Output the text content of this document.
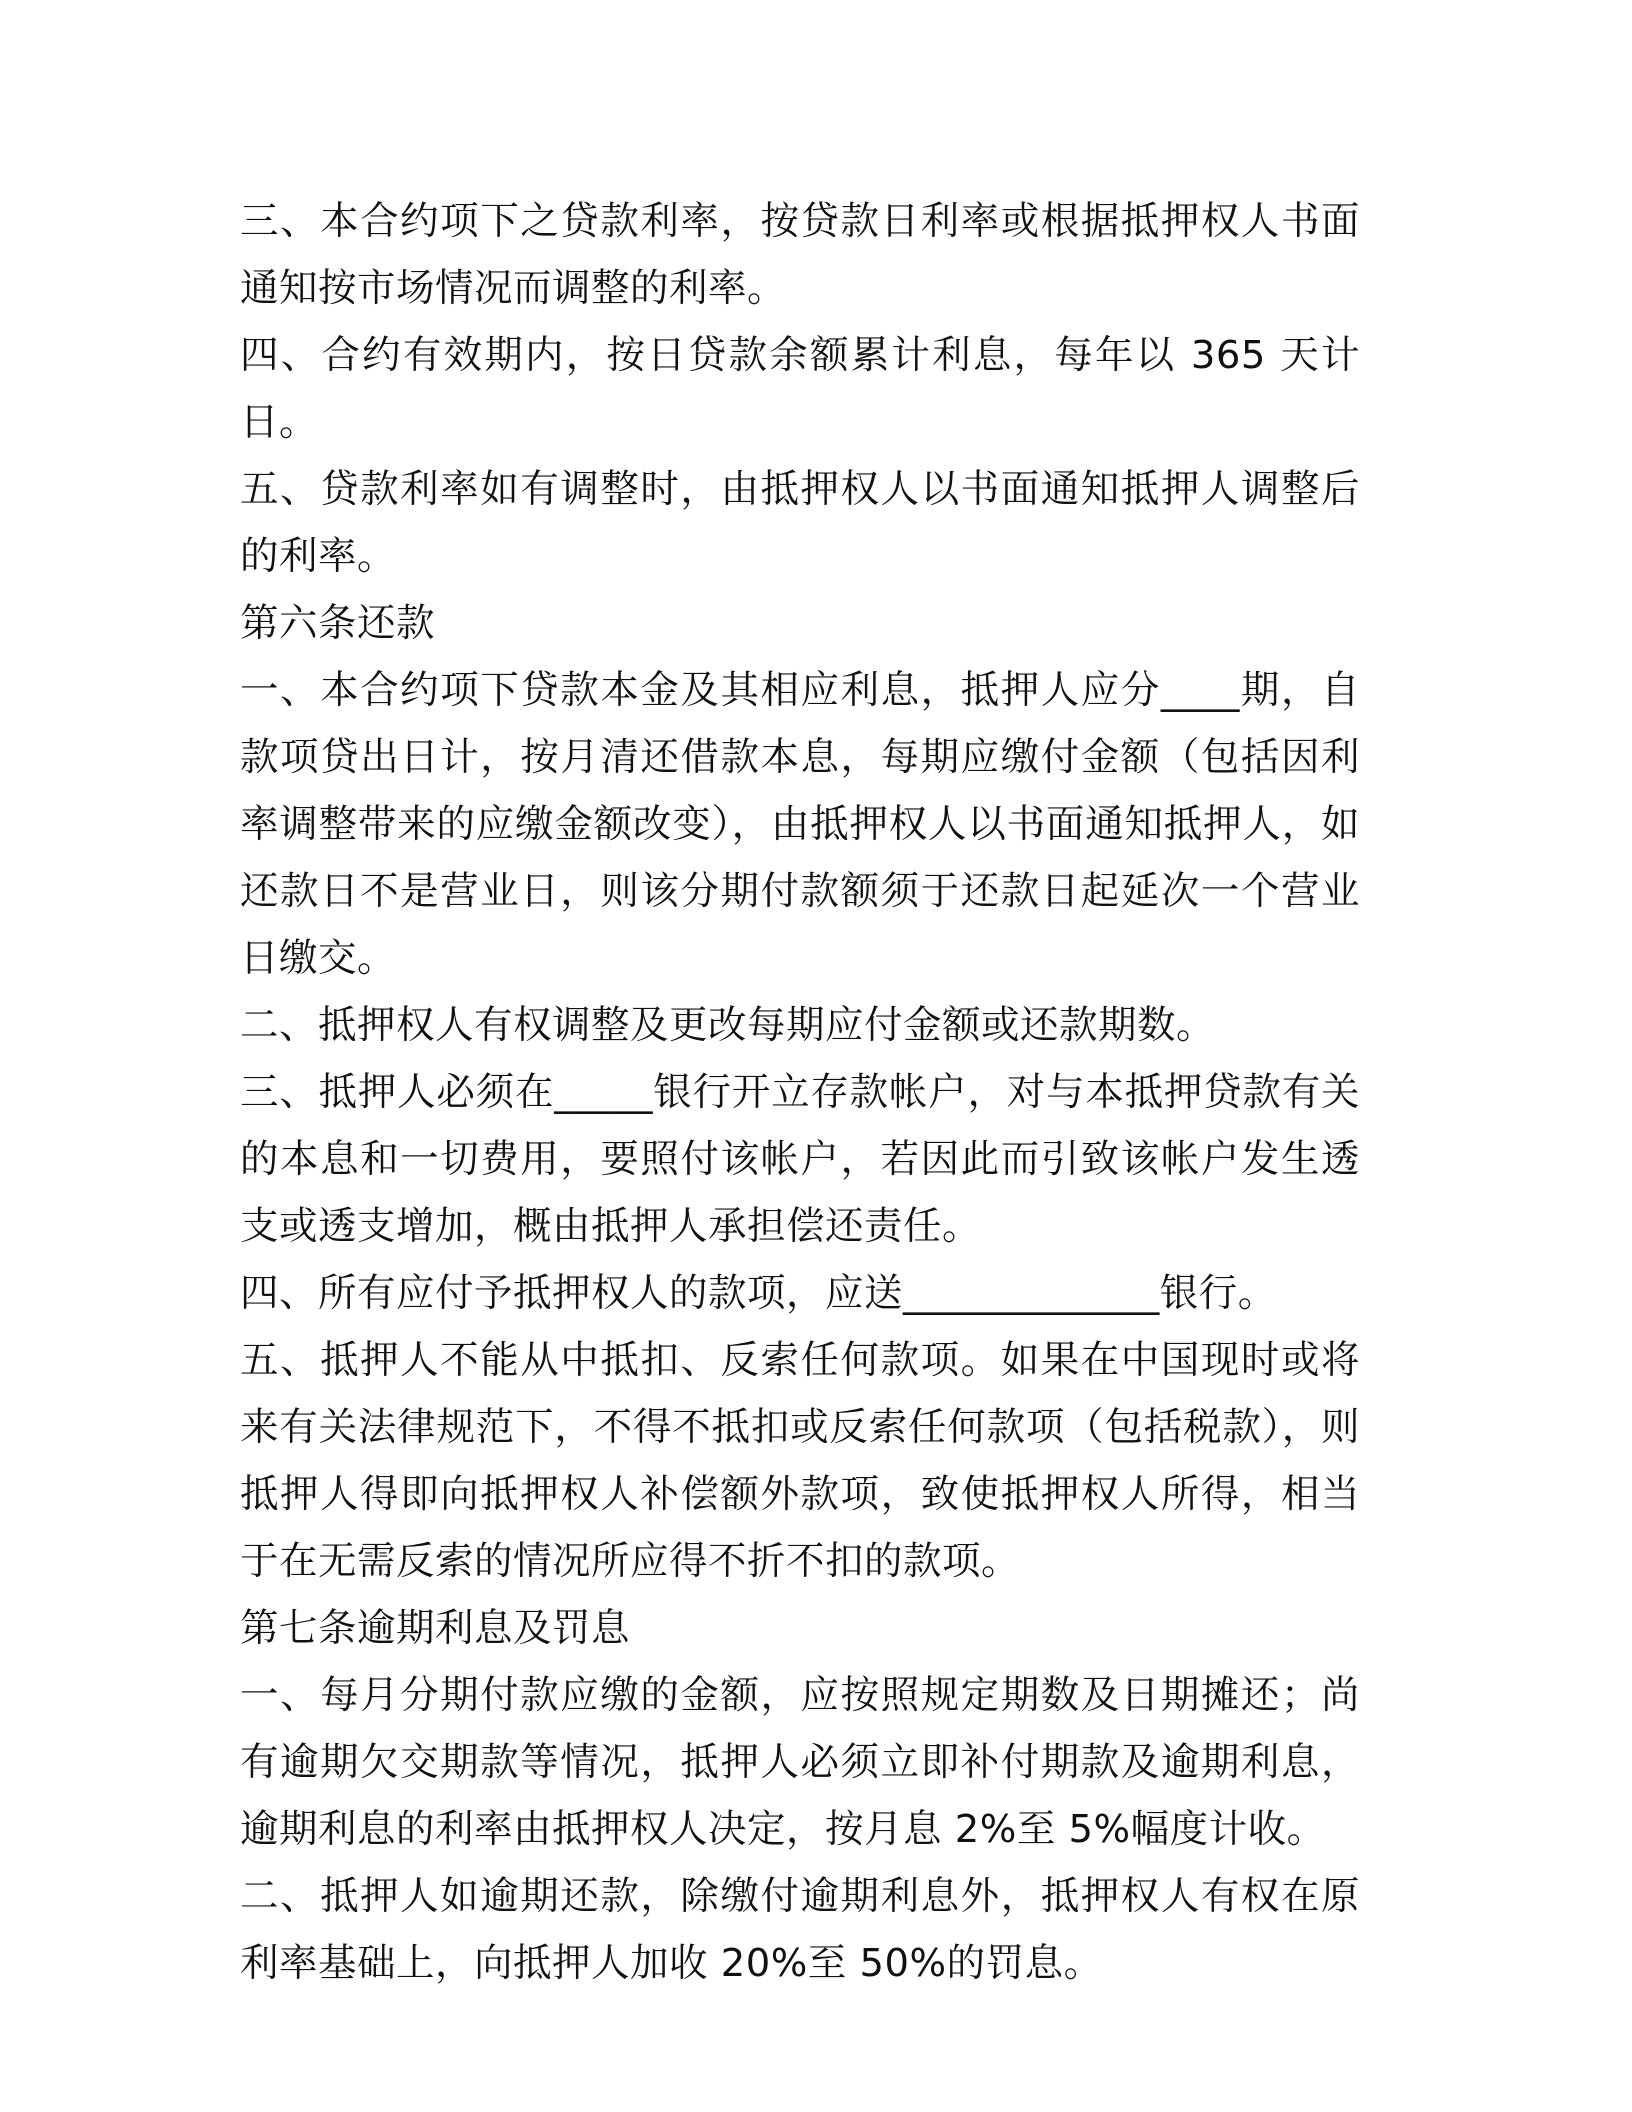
三、本合约项下之贷款利率，按贷款日利率或根据抵押权人书面通知按市场情况而调整的利率。

四、合约有效期内，按日贷款余额累计利息，每年以 365 天计日。

五、贷款利率如有调整时，由抵押权人以书面通知抵押人调整后的利率。

第六条还款

一、本合约项下贷款本金及其相应利息，抵押人应分____期，自款项贷出日计，按月清还借款本息，每期应缴付金额（包括因利率调整带来的应缴金额改变），由抵押权人以书面通知抵押人，如还款日不是营业日，则该分期付款额须于还款日起延次一个营业日缴交。

二、抵押权人有权调整及更改每期应付金额或还款期数。

三、抵押人必须在_____银行开立存款帐户，对与本抵押贷款有关的本息和一切费用，要照付该帐户，若因此而引致该帐户发生透支或透支增加，概由抵押人承担偿还责任。

四、所有应付予抵押权人的款项，应送_____________银行。

五、抵押人不能从中抵扣、反索任何款项。如果在中国现时或将来有关法律规范下，不得不抵扣或反索任何款项（包括税款），则抵押人得即向抵押权人补偿额外款项，致使抵押权人所得，相当于在无需反索的情况所应得不折不扣的款项。

第七条逾期利息及罚息

一、每月分期付款应缴的金额，应按照规定期数及日期摊还；尚有逾期欠交期款等情况，抵押人必须立即补付期款及逾期利息，逾期利息的利率由抵押权人决定，按月息 2%至 5%幅度计收。

二、抵押人如逾期还款，除缴付逾期利息外，抵押权人有权在原利率基础上，向抵押人加收 20%至 50%的罚息。
